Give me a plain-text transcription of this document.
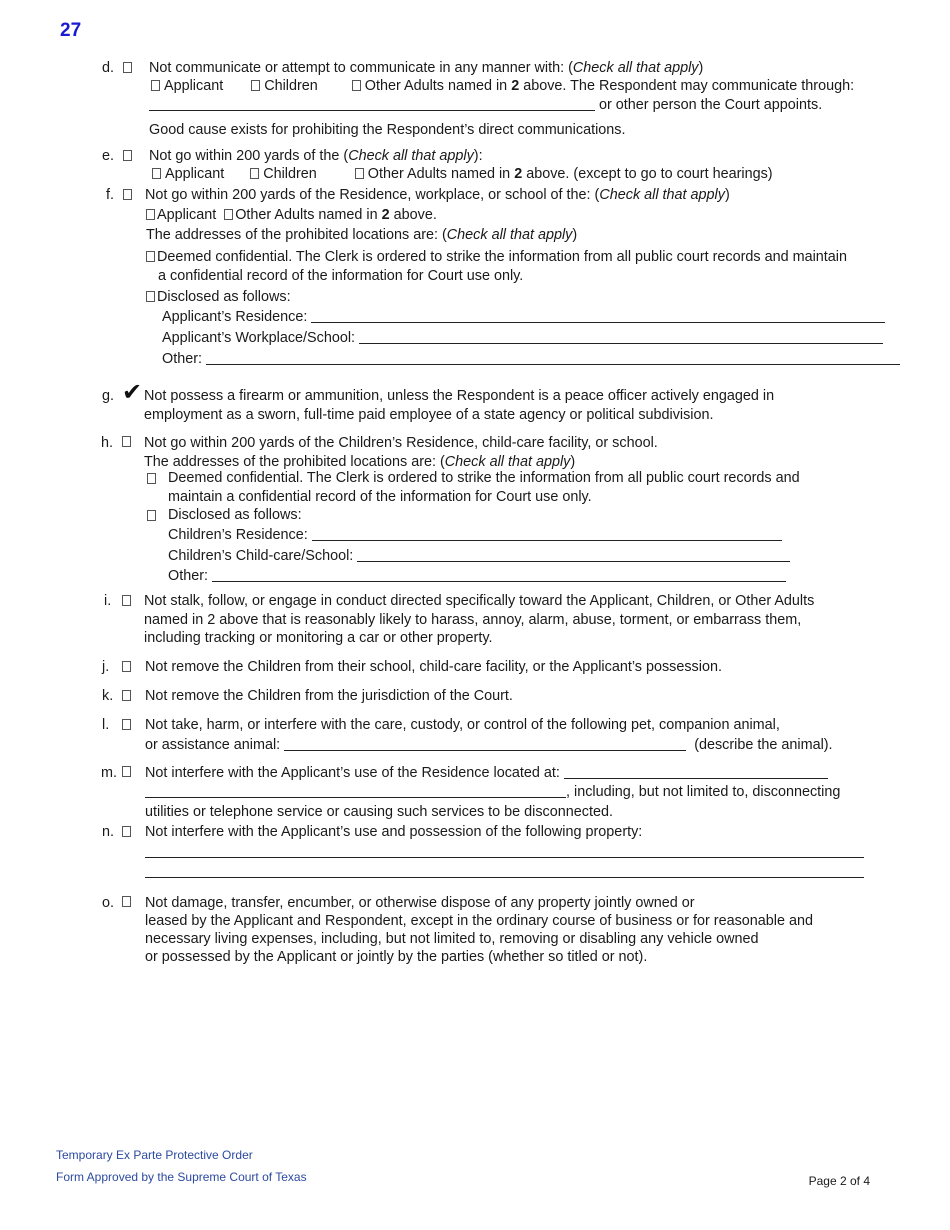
27
d. Not communicate or attempt to communicate in any manner with: (Check all that apply)
Applicant	Children	Other Adults named in 2 above. The Respondent may communicate through:
or other person the Court appoints.
Good cause exists for prohibiting the Respondent’s direct communications.
e. Not go within 200 yards of the (Check all that apply):
Applicant	Children	Other Adults named in 2 above. (except to go to court hearings)
f. Not go within 200 yards of the Residence, workplace, or school of the: (Check all that apply)
Applicant Other Adults named in 2 above.
The addresses of the prohibited locations are: (Check all that apply)
Deemed confidential. The Clerk is ordered to strike the information from all public court records and maintain
a confidential record of the information for Court use only.
Disclosed as follows:
Applicant’s Residence:
Applicant’s Workplace/School:
Other:
g. ✔ Not possess a firearm or ammunition, unless the Respondent is a peace officer actively engaged in
employment as a sworn, full-time paid employee of a state agency or political subdivision.
h. Not go within 200 yards of the Children’s Residence, child-care facility, or school.
The addresses of the prohibited locations are: (Check all that apply)
Deemed confidential. The Clerk is ordered to strike the information from all public court records and
maintain a confidential record of the information for Court use only.
Disclosed as follows:
Children’s Residence:
Children’s Child-care/School:
Other:
i. Not stalk, follow, or engage in conduct directed specifically toward the Applicant, Children, or Other Adults
named in 2 above that is reasonably likely to harass, annoy, alarm, abuse, torment, or embarrass them,
including tracking or monitoring a car or other property.
j. Not remove the Children from their school, child-care facility, or the Applicant’s possession.
k. Not remove the Children from the jurisdiction of the Court.
l. Not take, harm, or interfere with the care, custody, or control of the following pet, companion animal,
or assistance animal:	(describe the animal).
m. Not interfere with the Applicant’s use of the Residence located at:
, including, but not limited to, disconnecting
utilities or telephone service or causing such services to be disconnected.
n. Not interfere with the Applicant’s use and possession of the following property:
o. Not damage, transfer, encumber, or otherwise dispose of any property jointly owned or
leased by the Applicant and Respondent, except in the ordinary course of business or for reasonable and
necessary living expenses, including, but not limited to, removing or disabling any vehicle owned
or possessed by the Applicant or jointly by the parties (whether so titled or not).
Temporary Ex Parte Protective Order
Form Approved by the Supreme Court of Texas	Page 2 of 4
